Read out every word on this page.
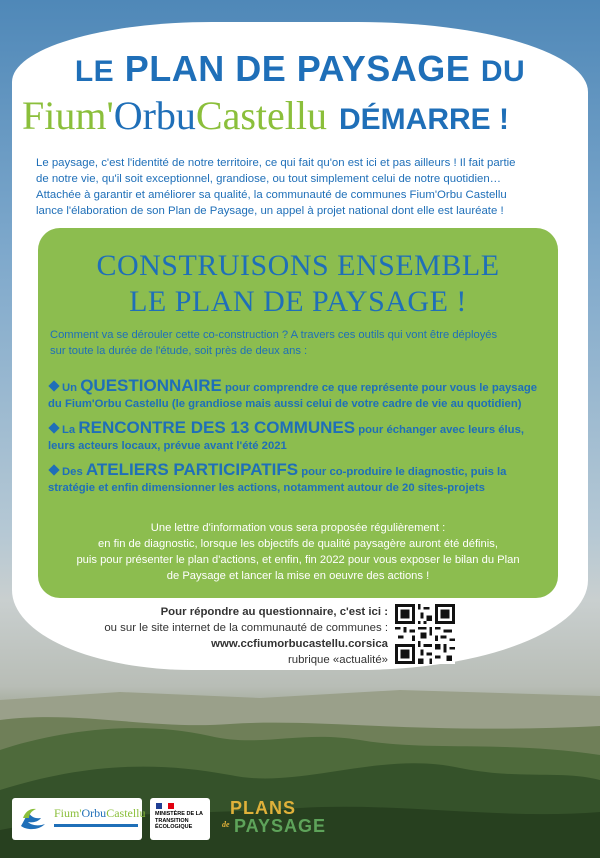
LE PLAN DE PAYSAGE DU
Fium'OrbuCastellu DÉMARRE !
Le paysage, c'est l'identité de notre territoire, ce qui fait qu'on est ici et pas ailleurs ! Il fait partie
de notre vie, qu'il soit exceptionnel, grandiose, ou tout simplement celui de notre quotidien…
Attachée à garantir et améliorer sa qualité, la communauté de communes Fium'Orbu Castellu
lance l'élaboration de son Plan de Paysage, un appel à projet national dont elle est lauréate !
CONSTRUISONS ENSEMBLE
LE PLAN DE PAYSAGE !
Comment va se dérouler cette co-construction ? A travers ces outils qui vont être déployés
sur toute la durée de l'étude, soit près de deux ans :
Un QUESTIONNAIRE pour comprendre ce que représente pour vous le paysage du Fium'Orbu Castellu (le grandiose mais aussi celui de votre cadre de vie au quotidien)
La RENCONTRE DES 13 COMMUNES pour échanger avec leurs élus, leurs acteurs locaux, prévue avant l'été 2021
Des ATELIERS PARTICIPATIFS pour co-produire le diagnostic, puis la stratégie et enfin dimensionner les actions, notamment autour de 20 sites-projets
Une lettre d'information vous sera proposée régulièrement :
en fin de diagnostic, lorsque les objectifs de qualité paysagère auront été définis,
puis pour présenter le plan d'actions, et enfin, fin 2022 pour vous exposer le bilan du Plan
de Paysage et lancer la mise en oeuvre des actions !
Pour répondre au questionnaire, c'est ici :
ou sur le site internet de la communauté de communes :
www.ccfiumorbucastellu.corsica
rubrique «actualité»
Fium'OrbuCastellu MINISTÈRE DE LA TRANSITION ÉCOLOGIQUE
PLANS
de PAYSAGE
